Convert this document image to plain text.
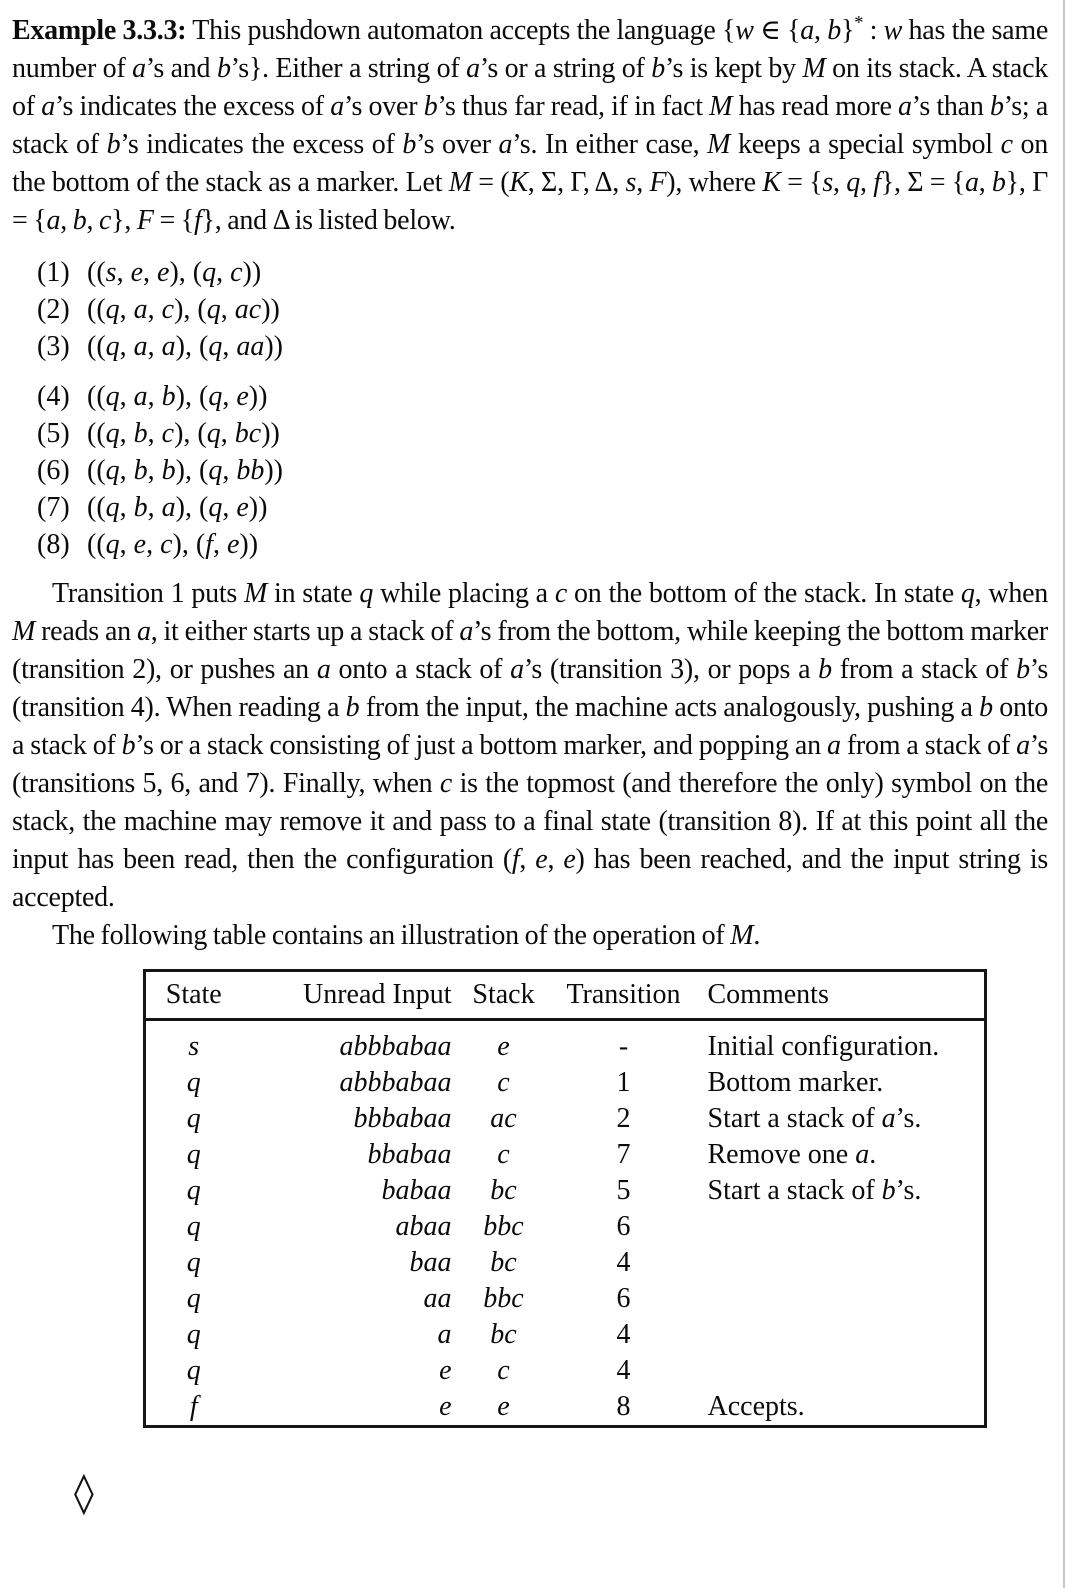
Example 3.3.3: This pushdown automaton accepts the language {w ∈ {a, b}* : w has the same number of a’s and b’s}. Either a string of a’s or a string of b’s is kept by M on its stack. A stack of a’s indicates the excess of a’s over b’s thus far read, if in fact M has read more a’s than b’s; a stack of b’s indicates the excess of b’s over a’s. In either case, M keeps a special symbol c on the bottom of the stack as a marker. Let M = (K, Σ, Γ, Δ, s, F), where K = {s, q, f}, Σ = {a, b}, Γ = {a, b, c}, F = {f}, and Δ is listed below.

(1) ((s, e, e), (q, c))
(2) ((q, a, c), (q, ac))
(3) ((q, a, a), (q, aa))
(4) ((q, a, b), (q, e))
(5) ((q, b, c), (q, bc))
(6) ((q, b, b), (q, bb))
(7) ((q, b, a), (q, e))
(8) ((q, e, c), (f, e))

Transition 1 puts M in state q while placing a c on the bottom of the stack. In state q, when M reads an a, it either starts up a stack of a’s from the bottom, while keeping the bottom marker (transition 2), or pushes an a onto a stack of a’s (transition 3), or pops a b from a stack of b’s (transition 4). When reading a b from the input, the machine acts analogously, pushing a b onto a stack of b’s or a stack consisting of just a bottom marker, and popping an a from a stack of a’s (transitions 5, 6, and 7). Finally, when c is the topmost (and therefore the only) symbol on the stack, the machine may remove it and pass to a final state (transition 8). If at this point all the input has been read, then the configuration (f, e, e) has been reached, and the input string is accepted.

The following table contains an illustration of the operation of M.

State	Unread Input	Stack	Transition	Comments
s	abbbabaa	e	-	Initial configuration.
q	abbbabaa	c	1	Bottom marker.
q	bbbabaa	ac	2	Start a stack of a’s.
q	bbabaa	c	7	Remove one a.
q	babaa	bc	5	Start a stack of b’s.
q	abaa	bbc	6	
q	baa	bc	4	
q	aa	bbc	6	
q	a	bc	4	
q	e	c	4	
f	e	e	8	Accepts.
◊
